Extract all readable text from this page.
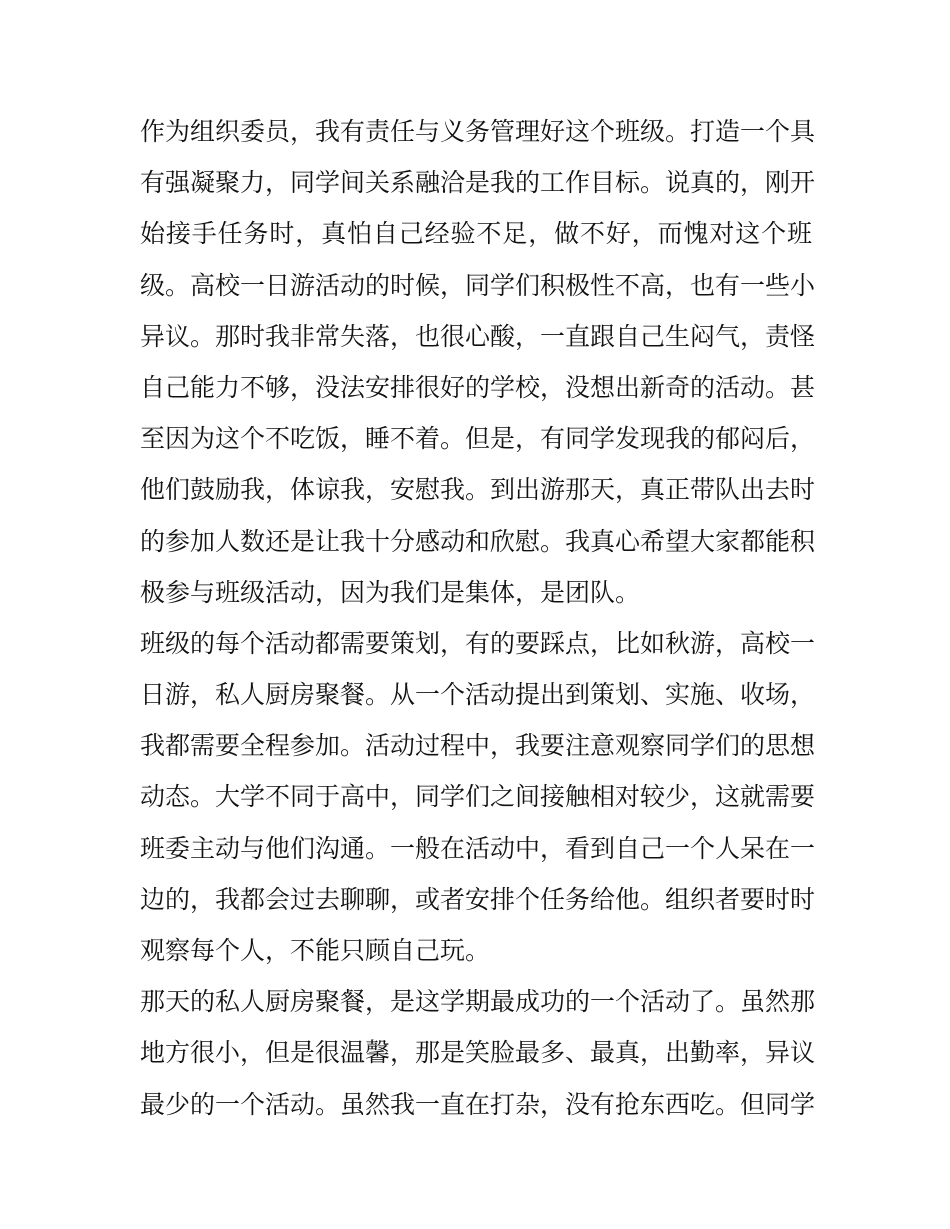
作为组织委员，我有责任与义务管理好这个班级。打造一个具
有强凝聚力，同学间关系融洽是我的工作目标。说真的，刚开
始接手任务时，真怕自己经验不足，做不好，而愧对这个班
级。高校一日游活动的时候，同学们积极性不高，也有一些小
异议。那时我非常失落，也很心酸，一直跟自己生闷气，责怪
自己能力不够，没法安排很好的学校，没想出新奇的活动。甚
至因为这个不吃饭，睡不着。但是，有同学发现我的郁闷后，
他们鼓励我，体谅我，安慰我。到出游那天，真正带队出去时
的参加人数还是让我十分感动和欣慰。我真心希望大家都能积
极参与班级活动，因为我们是集体，是团队。
班级的每个活动都需要策划，有的要踩点，比如秋游，高校一
日游，私人厨房聚餐。从一个活动提出到策划、实施、收场，
我都需要全程参加。活动过程中，我要注意观察同学们的思想
动态。大学不同于高中，同学们之间接触相对较少，这就需要
班委主动与他们沟通。一般在活动中，看到自己一个人呆在一
边的，我都会过去聊聊，或者安排个任务给他。组织者要时时
观察每个人，不能只顾自己玩。
那天的私人厨房聚餐，是这学期最成功的一个活动了。虽然那
地方很小，但是很温馨，那是笑脸最多、最真，出勤率，异议
最少的一个活动。虽然我一直在打杂，没有抢东西吃。但同学
